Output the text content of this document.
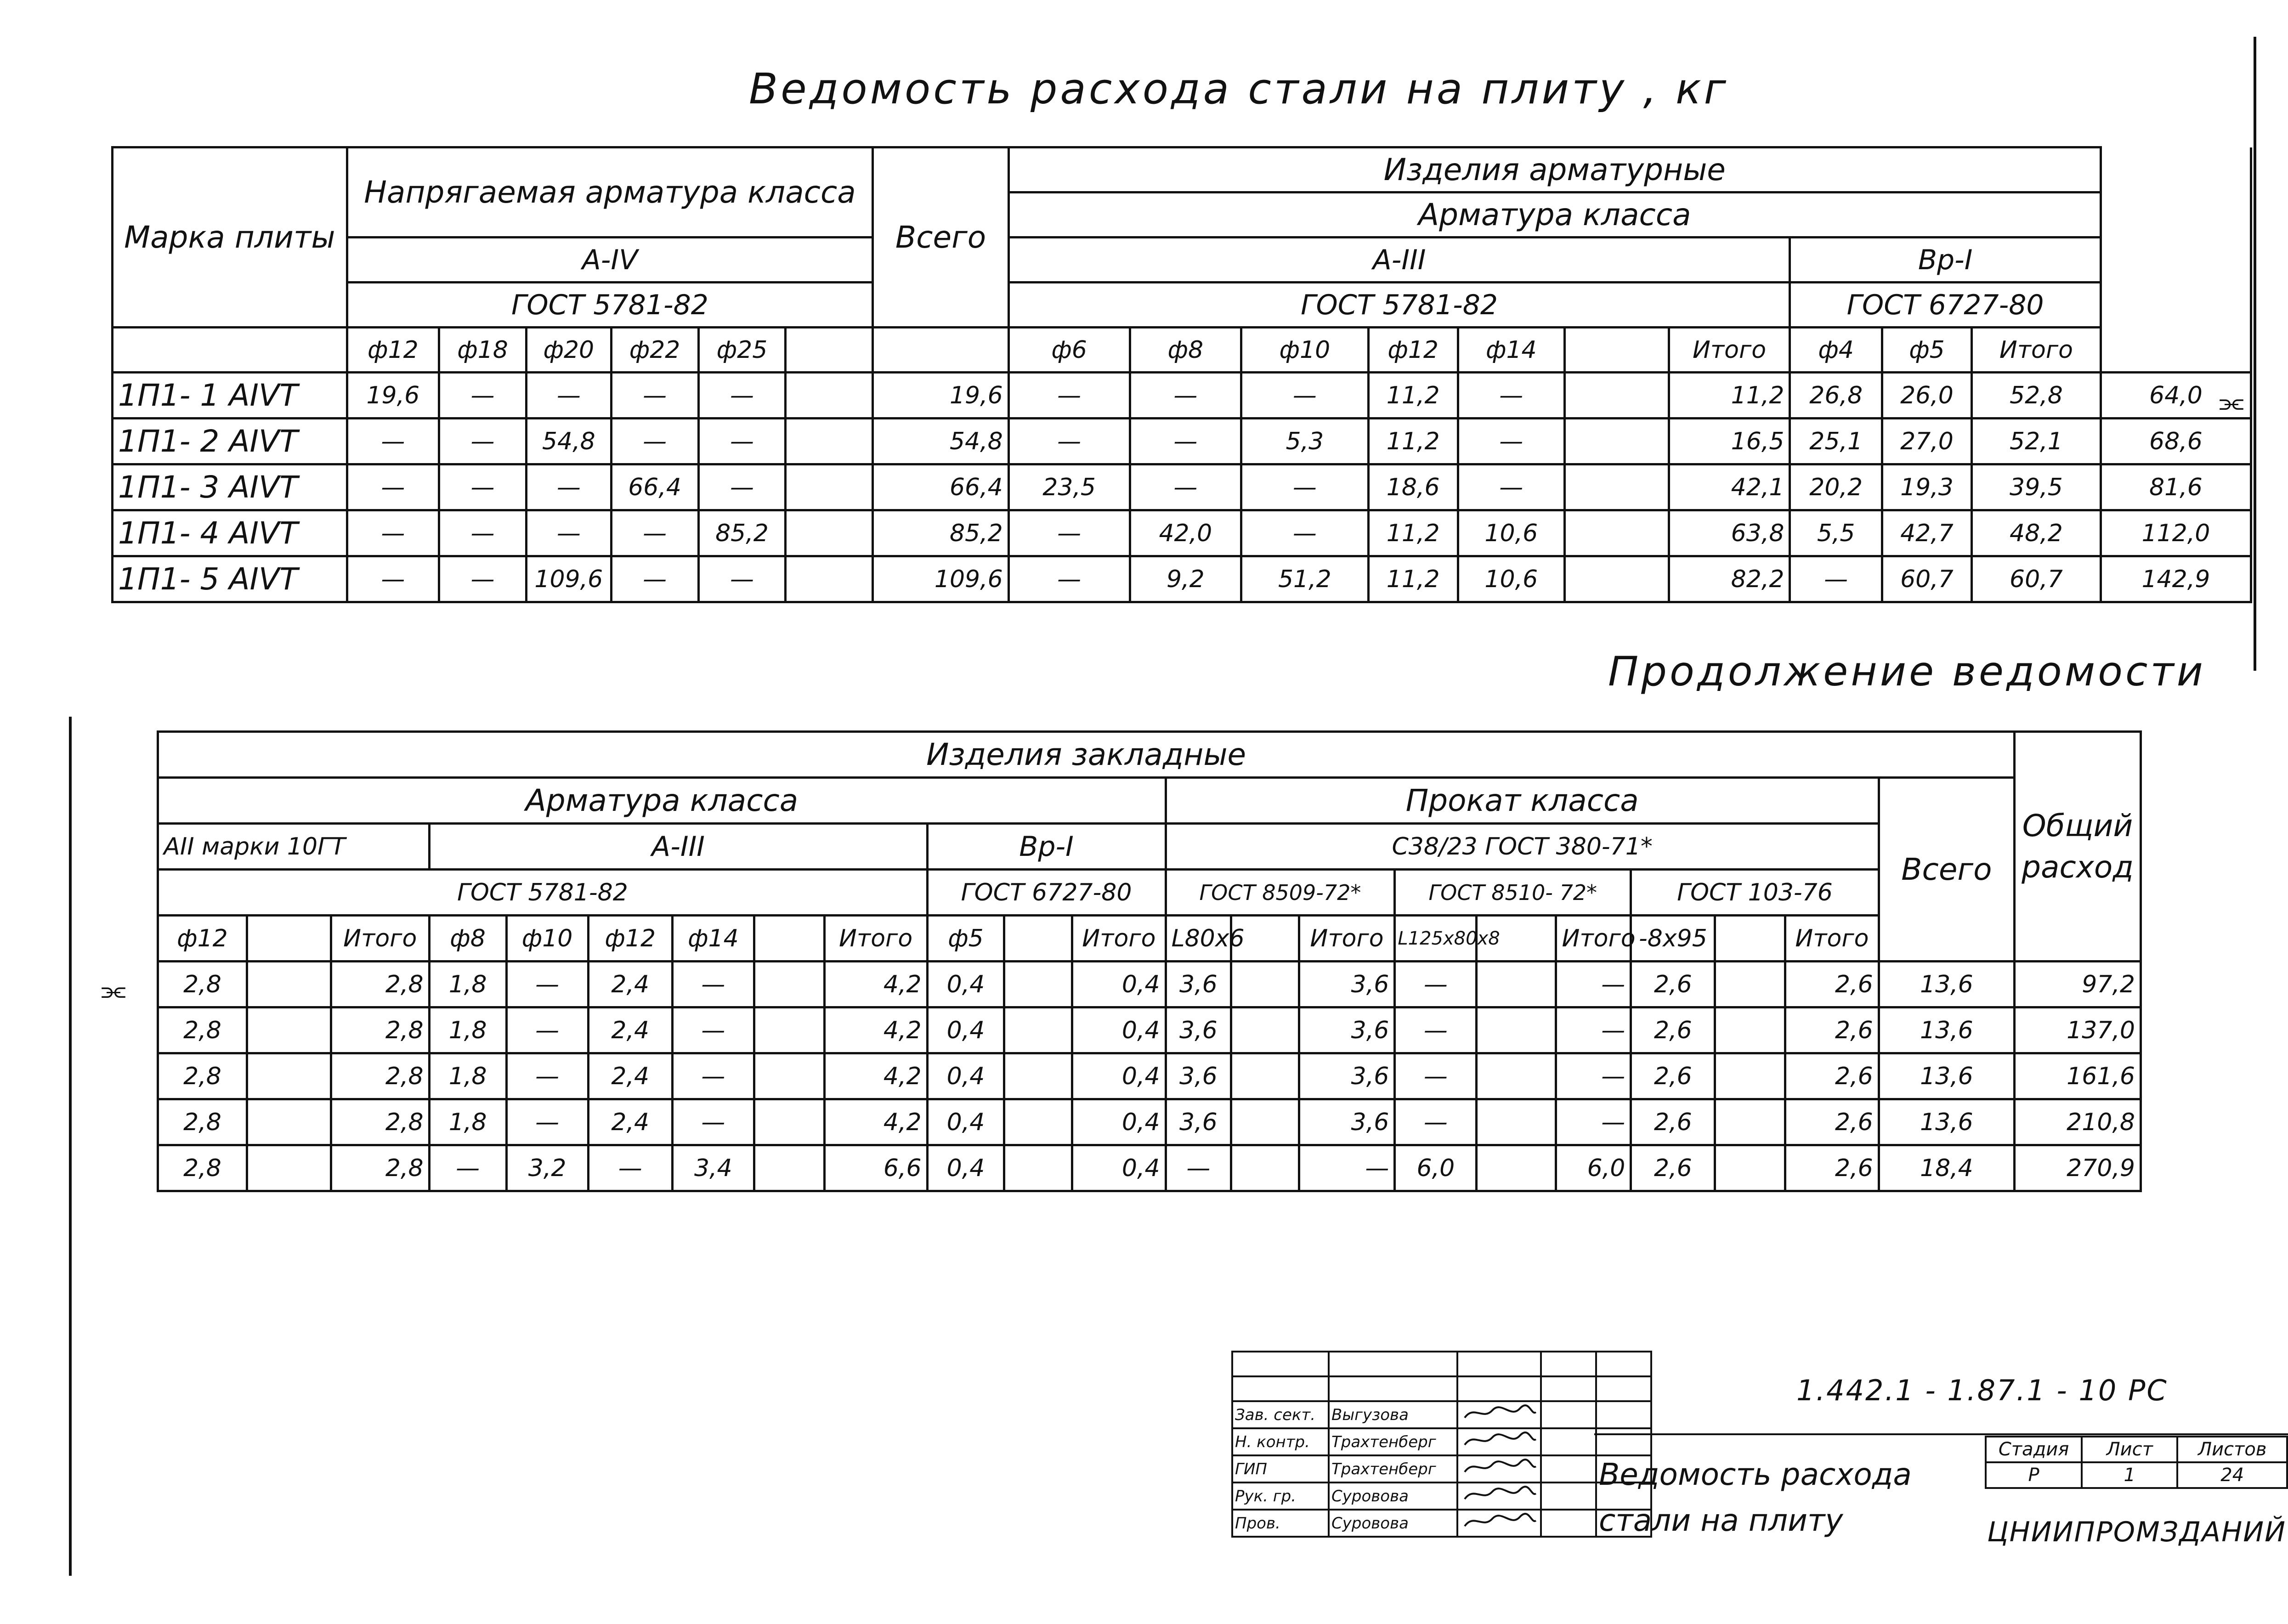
Ведомость расхода стали на плиту , кг
⫘
⫘
Марка плиты	Напрягаемая арматура класса						Всего	Изделия арматурные										
								Арматура класса										
	А-IV							А-III							Вр-I			
	ГОСТ 5781-82							ГОСТ 5781-82							ГОСТ 6727-80			
	ф12	ф18	ф20	ф22	ф25			ф6	ф8	ф10	ф12	ф14		Итого	ф4	ф5	Итого
1П1- 1 АIVТ	19,6	—	—	—	—		19,6	—	—	—	11,2	—		11,2	26,8	26,0	52,8	64,0
1П1- 2 АIVТ	—	—	54,8	—	—		54,8	—	—	5,3	11,2	—		16,5	25,1	27,0	52,1	68,6
1П1- 3 АIVТ	—	—	—	66,4	—		66,4	23,5	—	—	18,6	—		42,1	20,2	19,3	39,5	81,6
1П1- 4 АIVТ	—	—	—	—	85,2		85,2	—	42,0	—	11,2	10,6		63,8	5,5	42,7	48,2	112,0
1П1- 5 АIVТ	—	—	109,6	—	—		109,6	—	9,2	51,2	11,2	10,6		82,2	—	60,7	60,7	142,9
Продолжение ведомости
	Изделия закладные																						Общий расход
	Арматура класса												Прокат класса									Всего	
	АII марки 10ГТ			А-III						Вр-I			С38/23 ГОСТ 380-71*										
	ГОСТ 5781-82									ГОСТ 6727-80			ГОСТ 8509-72*			ГОСТ 8510- 72*			ГОСТ 103-76				
	ф12		Итого	ф8	ф10	ф12	ф14		Итого	ф5		Итого	L80х6		Итого	L125х80х8		Итого	-8х95		Итого		
	2,8		2,8	1,8	—	2,4	—		4,2	0,4		0,4	3,6		3,6	—		—	2,6		2,6	13,6	97,2
	2,8		2,8	1,8	—	2,4	—		4,2	0,4		0,4	3,6		3,6	—		—	2,6		2,6	13,6	137,0
	2,8		2,8	1,8	—	2,4	—		4,2	0,4		0,4	3,6		3,6	—		—	2,6		2,6	13,6	161,6
	2,8		2,8	1,8	—	2,4	—		4,2	0,4		0,4	3,6		3,6	—		—	2,6		2,6	13,6	210,8
	2,8		2,8	—	3,2	—	3,4		6,6	0,4		0,4	—		—	6,0		6,0	2,6		2,6	18,4	270,9

Зав. сект.	Выгузова			
Н. контр.	Трахтенберг			
ГИП	Трахтенберг			
Рук. гр.	Суровова			
Пров.	Суровова			
1.442.1 - 1.87.1 - 10 РС
Ведомость расхода
стали на плиту
Стадия	Лист	Листов
Р	1	24
ЦНИИПРОМЗДАНИЙ
